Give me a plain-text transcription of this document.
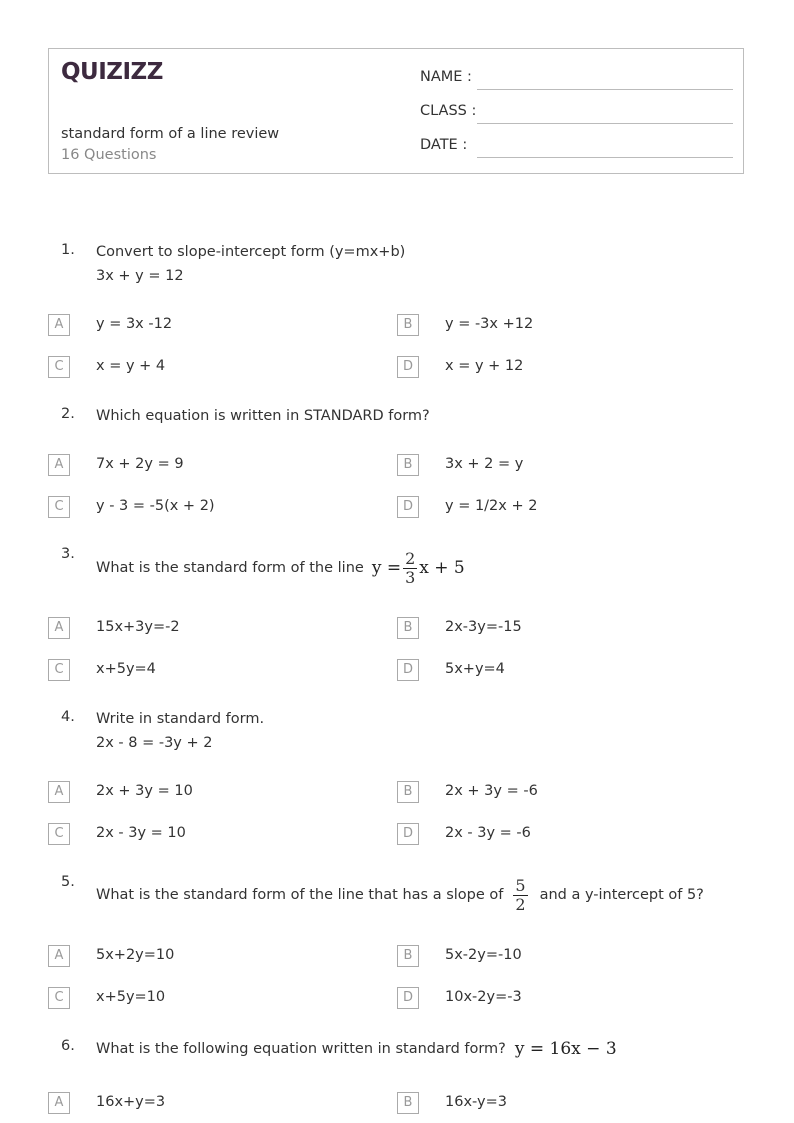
QUIZIZZ
standard form of a line review
16 Questions
NAME :
CLASS :
DATE :
1. Convert to slope-intercept form (y=mx+b)
3x + y = 12
A	y = 3x -12	B	y = -3x +12
C	x = y + 4	D	x = y + 12
2. Which equation is written in STANDARD form?
A	7x + 2y = 9	B	3x + 2 = y
C	y - 3 = -5(x + 2)	D	y = 1/2x + 2
3.
What is the standard form of the line $y = \frac{2}{3}$ x + 5
A	15x+3y=-2	B	2x-3y=-15
C	x+5y=4	D	5x+y=4
4. Write in standard form.
2x - 8 = -3y + 2
A	2x + 3y = 10	B	2x + 3y = -6
C	2x - 3y = 10	D	2x - 3y = -6
5.
What is the standard form of the line that has a slope of $\frac{5}{2}$ and a y-intercept of 5?
A	5x+2y=10	B	5x-2y=-10
C	x+5y=10	D	10x-2y=-3
6. What is the following equation written in standard form? y = 16x − 3
A	16x+y=3	B	16x-y=3
